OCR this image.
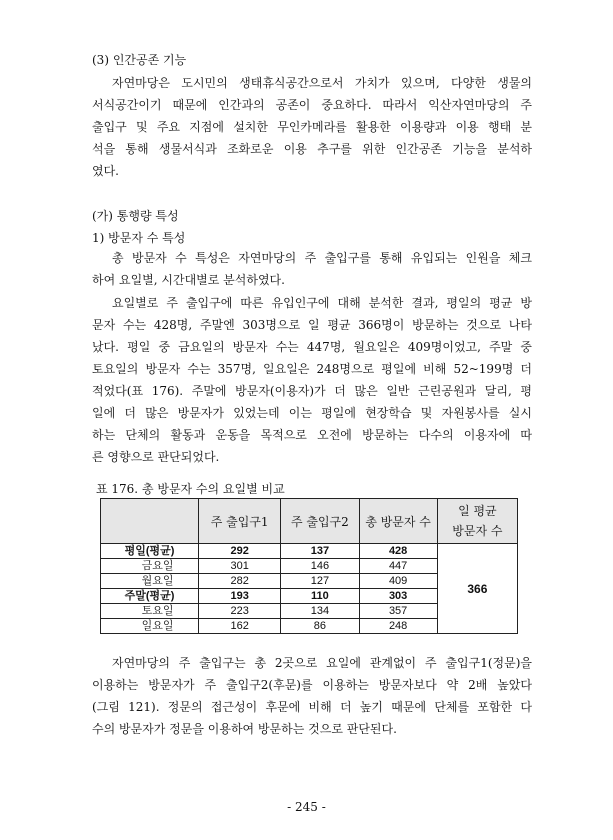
(3) 인간공존 기능
자연마당은 도시민의 생태휴식공간으로서 가치가 있으며, 다양한 생물의
서식공간이기 때문에 인간과의 공존이 중요하다. 따라서 익산자연마당의 주
출입구 및 주요 지점에 설치한 무인카메라를 활용한 이용량과 이용 행태 분
석을 통해 생물서식과 조화로운 이용 추구를 위한 인간공존 기능을 분석하
였다.
(가) 통행량 특성
1) 방문자 수 특성
총 방문자 수 특성은 자연마당의 주 출입구를 통해 유입되는 인원을 체크
하여 요일별, 시간대별로 분석하였다.
요일별로 주 출입구에 따른 유입인구에 대해 분석한 결과, 평일의 평균 방
문자 수는 428명, 주말엔 303명으로 일 평균 366명이 방문하는 것으로 나타
났다. 평일 중 금요일의 방문자 수는 447명, 월요일은 409명이었고, 주말 중
토요일의 방문자 수는 357명, 일요일은 248명으로 평일에 비해 52~199명 더
적었다(표 176). 주말에 방문자(이용자)가 더 많은 일반 근린공원과 달리, 평
일에 더 많은 방문자가 있었는데 이는 평일에 현장학습 및 자원봉사를 실시
하는 단체의 활동과 운동을 목적으로 오전에 방문하는 다수의 이용자에 따
른 영향으로 판단되었다.
표 176. 총 방문자 수의 요일별 비교
	주 출입구1	주 출입구2	총 방문자 수	일 평균
방문자 수
평일(평균)	292	137	428	366
금요일	301	146	447	
월요일	282	127	409	
주말(평균)	193	110	303	
토요일	223	134	357	
일요일	162	86	248	
자연마당의 주 출입구는 총 2곳으로 요일에 관계없이 주 출입구1(정문)을
이용하는 방문자가 주 출입구2(후문)를 이용하는 방문자보다 약 2배 높았다
(그림 121). 정문의 접근성이 후문에 비해 더 높기 때문에 단체를 포함한 다
수의 방문자가 정문을 이용하여 방문하는 것으로 판단된다.
- 245 -
